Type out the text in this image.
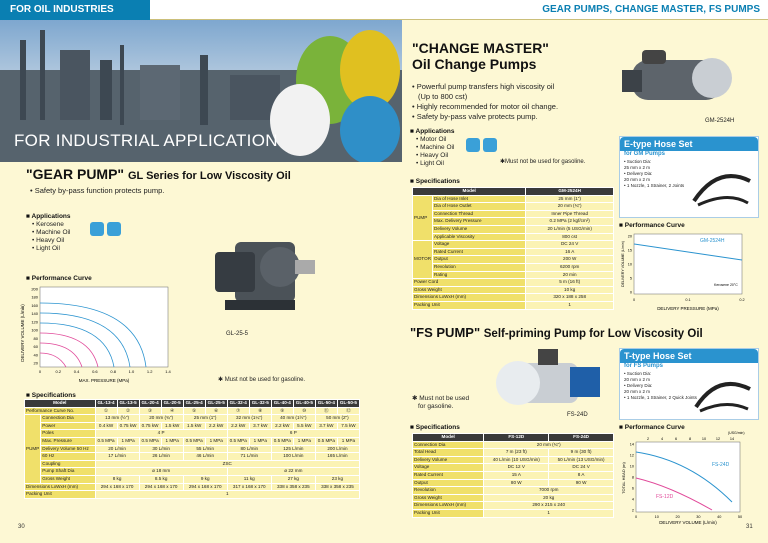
FOR OIL INDUSTRIES	GEAR PUMPS, CHANGE MASTER, FS PUMPS
FOR INDUSTRIAL APPLICATION
"GEAR PUMP" GL Series for Low Viscosity Oil
• Safety by-pass function protects pump.
■ Applications
• Kerosene
• Machine Oil
• Heavy Oil
• Light Oil
■ Performance Curve
DELIVERY VOLUME (L/min)
MAX. PRESSURE (MPa)
200
180
160
140
120
100
80
60
40
20
0	0.2	0.4	0.6	0.8	1.0	1.2	1.4
GL-25-5
✱ Must not be used for gasoline.
■ Specifications
Model		GL-13-4	GL-13-5	GL-20-4	GL-20-5	GL-25-4	GL-25-5	GL-32-4	GL-32-5	GL-40-4	GL-40-5	GL-50-4	GL-50-5
Performance Curve No.		①	②	③	④	⑤	⑥	⑦	⑧	⑨	⑩	⑪	⑫
PUMP	Connection Dia	13 mm (½")		20 mm (¾")		25 mm (1")		32 mm (1¼")		40 mm (1½")		50 mm (2")	
	Power	0.4 kW	0.75 kW	0.75 kW	1.5 kW	1.5 kW	2.2 kW	2.2 kW	3.7 kW	2.2 kW	5.5 kW	3.7 kW	7.5 kW
	Poles	4 P						6 P					
	Max. Pressure	0.5 MPa	1 MPa	0.5 MPa	1 MPa	0.5 MPa	1 MPa	0.5 MPa	1 MPa	0.5 MPa	1 MPa	0.5 MPa	1 MPa
	Delivery Volume 50 Hz	20 L/min		30 L/min		55 L/min		80 L/min		125 L/min		200 L/min	
	60 Hz	17 L/min		26 L/min		46 L/min		71 L/min		100 L/min		165 L/min	
	Coupling	ZSC											
	Pump Shaft Dia	ø 18 mm						ø 22 mm					
	Gross Weight	8 kg		8.5 kg		9 kg		11 kg		27 kg		23 kg	
Dimensions LxWxH (mm)		294 x 168 x 170		294 x 168 x 170		294 x 168 x 170		317 x 168 x 170		338 x 358 x 235		338 x 358 x 235	
Packing Unit		1											
30
"CHANGE MASTER"
Oil Change Pumps
• Powerful pump transfers high viscosity oil
(Up to 800 cst)
• Highly recommended for motor oil change.
• Safety by-pass valve protects pump.
■ Applications
• Motor Oil
• Machine Oil
• Heavy Oil
• Light Oil	✱Must not be used for gasoline.
GM-2524H
■ Specifications
Model		GM-2524H
PUMP	Dia of Hose Inlet	25 mm (1")
	Dia of Hose Outlet	20 mm (¾")
	Connection Thread	Inner Pipe Thread
	Max. Delivery Pressure	0.2 MPa (2 kgf/cm²)
	Delivery Volume	20 L/min (5 USG/min)
	Applicable Viscosity	800 cst
MOTOR	Voltage	DC 24 V
	Rated Current	16 A
	Output	200 W
	Revolution	6200 rpm
	Rating	20 min
Power Cord		5 m (16 ft)
Gross Weight		10 kg
Dimensions LxWxH (mm)		320 x 188 x 258
Packing Unit		1
E-type Hose Set
for GM Pumps
• Suction Dia:
25 mm x 2 m
• Delivery Dia:
20 mm x 2 m
• 1 Nozzle, 1 Strainer, 2 Joints
■ Performance Curve
GM-2524H
Kerosene 20°C
DELIVERY PRESSURE (MPa)
DELIVERY VOLUME (L/min)
20
15
10
5
0
0	0.1	0.2
"FS PUMP" Self-priming Pump for Low Viscosity Oil
✱ Must not be used
for gasoline.
FS-24D
■ Specifications
Model	FS-12D	FS-24D
Connection Dia	20 mm (¾")	
Total Head	7 m (23 ft)	9 m (30 ft)
Delivery Volume	40 L/min (10 USG/min)	50 L/min (13 USG/min)
Voltage	DC 12 V	DC 24 V
Rated Current	15 A	8 A
Output	80 W	90 W
Revolution	7000 rpm	
Gross Weight	20 kg	
Dimensions LxWxH (mm)	290 x 215 x 240	
Packing Unit	1	
T-type Hose Set
for FS Pumps
• Suction Dia:
20 mm x 2 m
• Delivery Dia:
20 mm x 2 m
• 1 Nozzle, 1 Strainer, 2 Quick Joints
■ Performance Curve
(USG/min)
FS-24D
FS-12D
DELIVERY VOLUME (L/min)
TOTAL HEAD (m)
14
12
10
8
6
4
2
0	10	20	30	40	50
2	4	6	8	10	12	14
31
